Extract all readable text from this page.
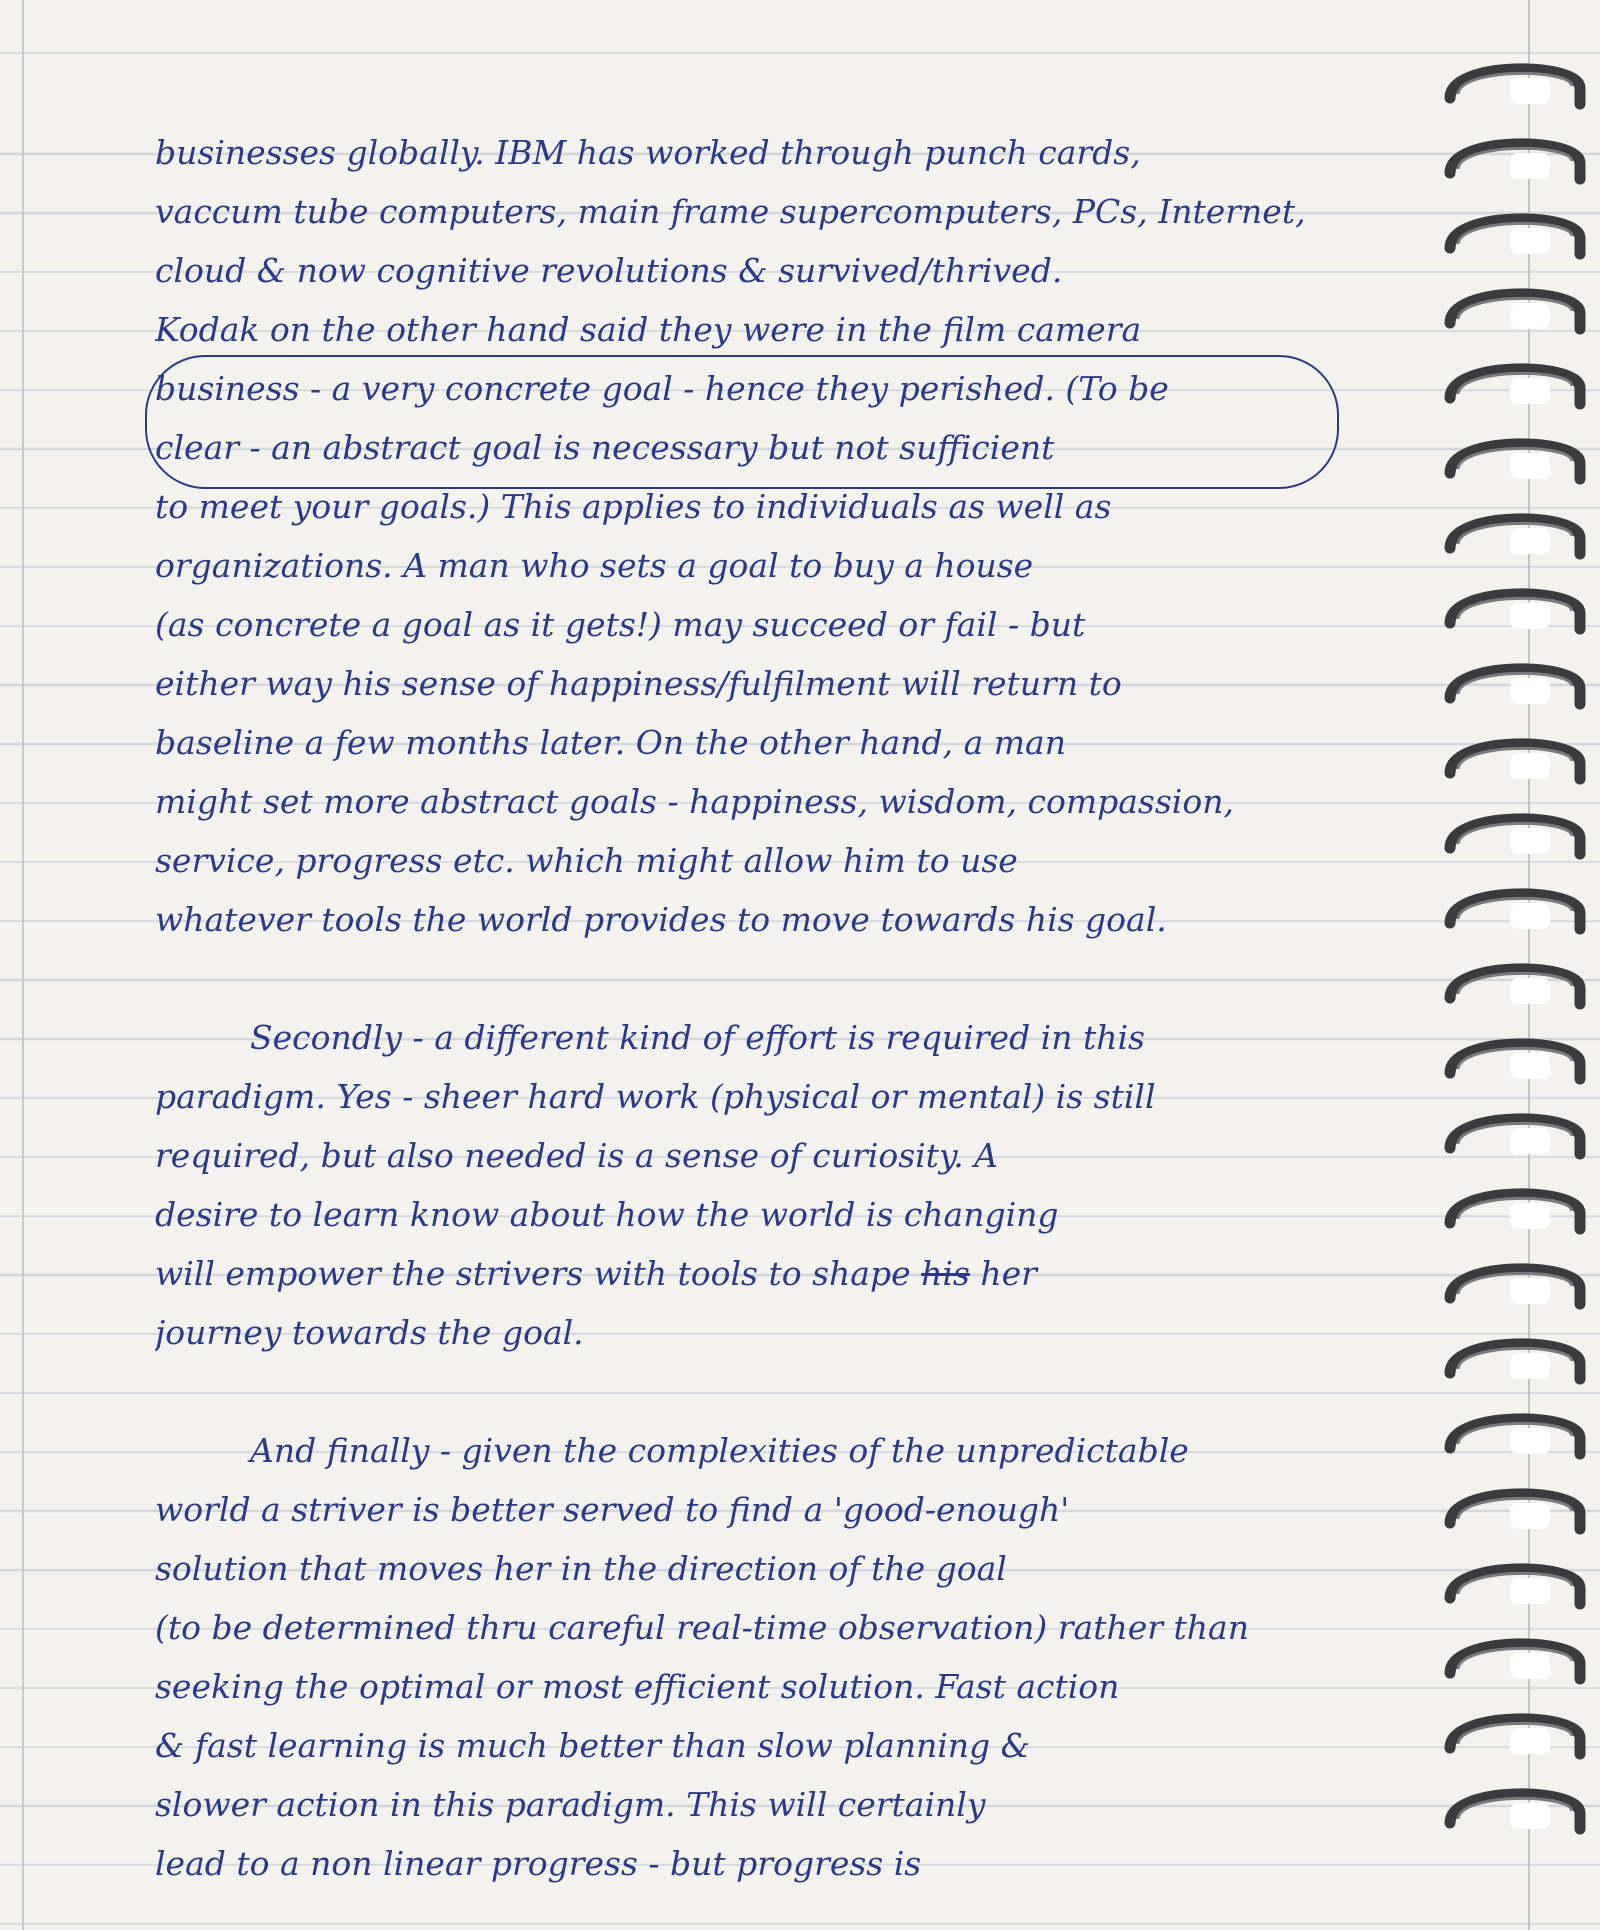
businesses globally. IBM has worked through punch cards,
vaccum tube computers, main frame supercomputers, PCs, Internet,
cloud & now cognitive revolutions & survived/thrived.
Kodak on the other hand said they were in the film camera
business - a very concrete goal - hence they perished. (To be
clear - an abstract goal is necessary but not sufficient
to meet your goals.) This applies to individuals as well as
organizations. A man who sets a goal to buy a house
(as concrete a goal as it gets!) may succeed or fail - but
either way his sense of happiness/fulfilment will return to
baseline a few months later. On the other hand, a man
might set more abstract goals - happiness, wisdom, compassion,
service, progress etc. which might allow him to use
whatever tools the world provides to move towards his goal.
Secondly - a different kind of effort is required in this
paradigm. Yes - sheer hard work (physical or mental) is still
required, but also needed is a sense of curiosity. A
desire to learn know about how the world is changing
will empower the strivers with tools to shape his her
journey towards the goal.
And finally - given the complexities of the unpredictable
world a striver is better served to find a 'good-enough'
solution that moves her in the direction of the goal
(to be determined thru careful real-time observation) rather than
seeking the optimal or most efficient solution. Fast action
& fast learning is much better than slow planning &
slower action in this paradigm. This will certainly
lead to a non linear progress - but progress is
